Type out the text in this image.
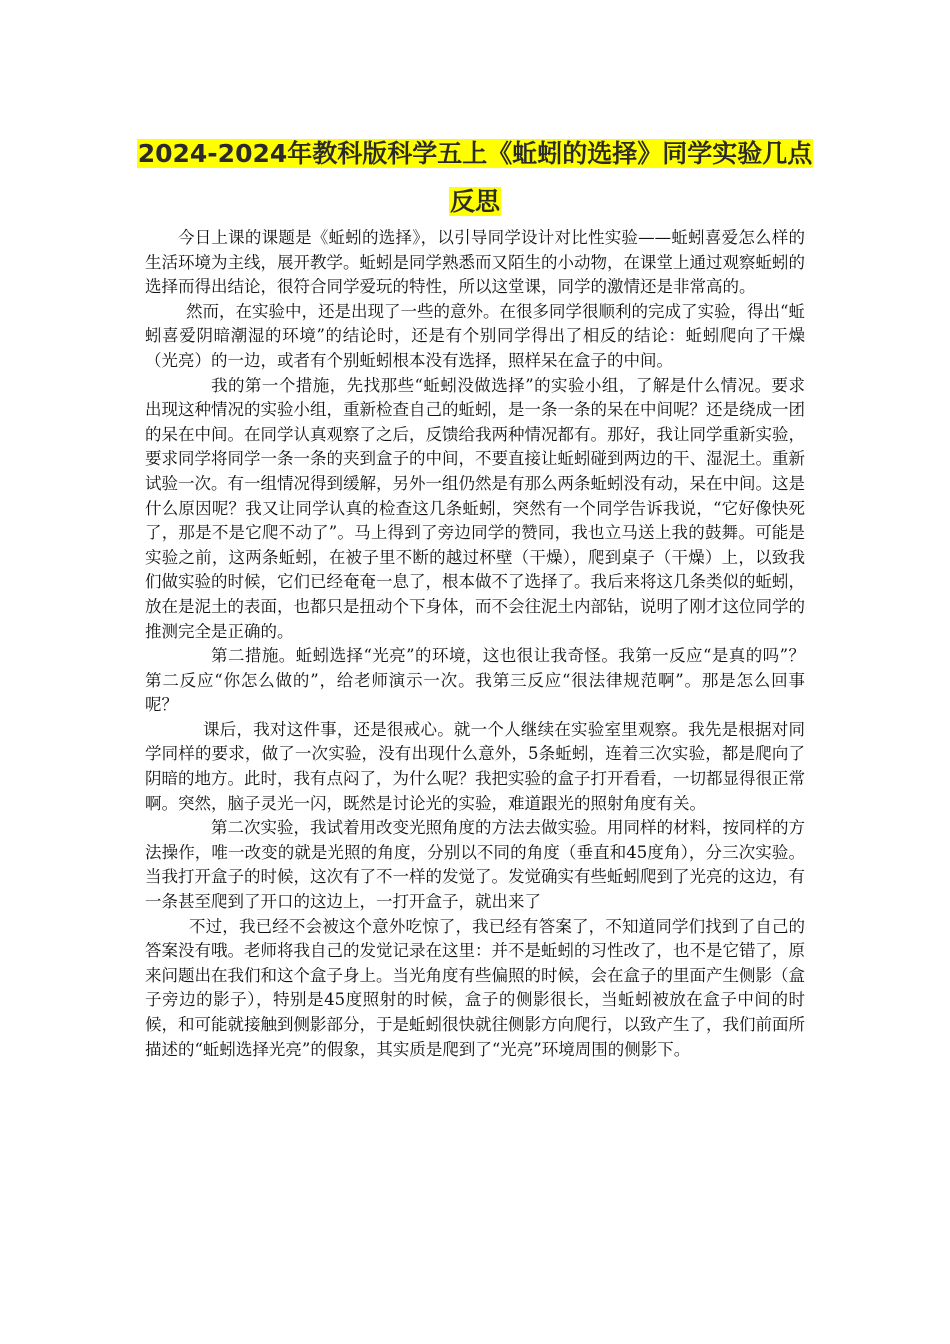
2024-2024年教科版科学五上《蚯蚓的选择》同学实验几点
反思

今日上课的课题是《蚯蚓的选择》，以引导同学设计对比性实验——蚯蚓喜爱怎么样的生活环境为主线，展开教学。蚯蚓是同学熟悉而又陌生的小动物，在课堂上通过观察蚯蚓的选择而得出结论，很符合同学爱玩的特性，所以这堂课，同学的激情还是非常高的。

然而，在实验中，还是出现了一些的意外。在很多同学很顺利的完成了实验，得出“蚯蚓喜爱阴暗潮湿的环境”的结论时，还是有个别同学得出了相反的结论：蚯蚓爬向了干燥（光亮）的一边，或者有个别蚯蚓根本没有选择，照样呆在盒子的中间。

我的第一个措施，先找那些“蚯蚓没做选择”的实验小组，了解是什么情况。要求出现这种情况的实验小组，重新检查自己的蚯蚓，是一条一条的呆在中间呢？还是绕成一团的呆在中间。在同学认真观察了之后，反馈给我两种情况都有。那好，我让同学重新实验，要求同学将同学一条一条的夹到盒子的中间，不要直接让蚯蚓碰到两边的干、湿泥土。重新试验一次。有一组情况得到缓解，另外一组仍然是有那么两条蚯蚓没有动，呆在中间。这是什么原因呢？我又让同学认真的检查这几条蚯蚓，突然有一个同学告诉我说，“它好像快死了，那是不是它爬不动了”。马上得到了旁边同学的赞同，我也立马送上我的鼓舞。可能是实验之前，这两条蚯蚓，在被子里不断的越过杯壁（干燥），爬到桌子（干燥）上，以致我们做实验的时候，它们已经奄奄一息了，根本做不了选择了。我后来将这几条类似的蚯蚓，放在是泥土的表面，也都只是扭动个下身体，而不会往泥土内部钻，说明了刚才这位同学的推测完全是正确的。

第二措施。蚯蚓选择“光亮”的环境，这也很让我奇怪。我第一反应“是真的吗”？第二反应“你怎么做的”，给老师演示一次。我第三反应“很法律规范啊”。那是怎么回事呢？

课后，我对这件事，还是很戒心。就一个人继续在实验室里观察。我先是根据对同学同样的要求，做了一次实验，没有出现什么意外，5条蚯蚓，连着三次实验，都是爬向了阴暗的地方。此时，我有点闷了，为什么呢？我把实验的盒子打开看看，一切都显得很正常啊。突然，脑子灵光一闪，既然是讨论光的实验，难道跟光的照射角度有关。

第二次实验，我试着用改变光照角度的方法去做实验。用同样的材料，按同样的方法操作，唯一改变的就是光照的角度，分别以不同的角度（垂直和45度角），分三次实验。当我打开盒子的时候，这次有了不一样的发觉了。发觉确实有些蚯蚓爬到了光亮的这边，有一条甚至爬到了开口的这边上，一打开盒子，就出来了

不过，我已经不会被这个意外吃惊了，我已经有答案了，不知道同学们找到了自己的答案没有哦。老师将我自己的发觉记录在这里：并不是蚯蚓的习性改了，也不是它错了，原来问题出在我们和这个盒子身上。当光角度有些偏照的时候，会在盒子的里面产生侧影（盒子旁边的影子），特别是45度照射的时候，盒子的侧影很长，当蚯蚓被放在盒子中间的时候，和可能就接触到侧影部分，于是蚯蚓很快就往侧影方向爬行，以致产生了，我们前面所描述的“蚯蚓选择光亮”的假象，其实质是爬到了“光亮”环境周围的侧影下。
